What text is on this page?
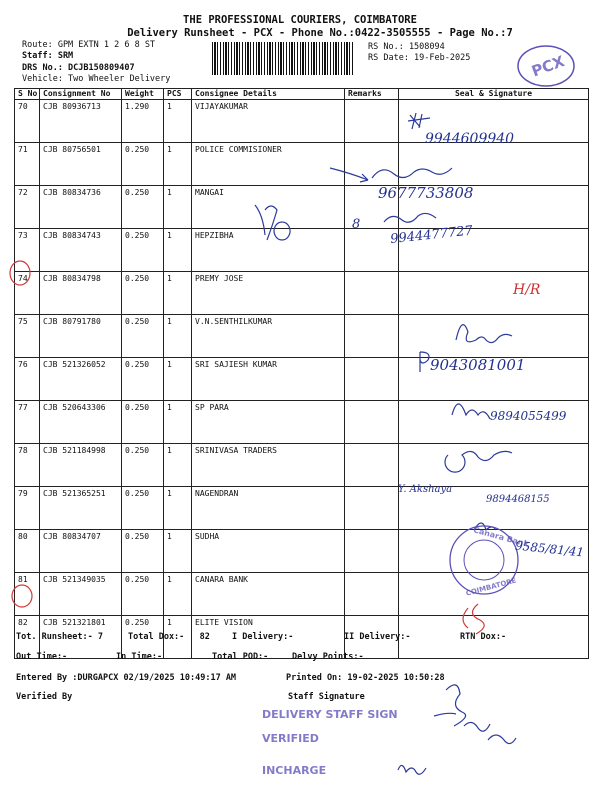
THE PROFESSIONAL COURIERS, COIMBATORE
Delivery Runsheet - PCX - Phone No.:0422-3505555 - Page No.:7
Route: GPM EXTN 1 2 6 8 ST
Staff: SRM
DRS No.: DCJB150809407
Vehicle: Two Wheeler Delivery
RS No.: 1508094
RS Date: 19-Feb-2025
S No	Consignment No	Weight	PCS	Consignee Details	Remarks	Seal & Signature
70	CJB 80936713	1.290	1	VIJAYAKUMAR		
71	CJB 80756501	0.250	1	POLICE COMMISIONER		
72	CJB 80834736	0.250	1	MANGAI		
73	CJB 80834743	0.250	1	HEPZIBHA		
74	CJB 80834798	0.250	1	PREMY JOSE		
75	CJB 80791780	0.250	1	V.N.SENTHILKUMAR		
76	CJB 521326052	0.250	1	SRI SAJIESH KUMAR		
77	CJB 520643306	0.250	1	SP PARA		
78	CJB 521184998	0.250	1	SRINIVASA TRADERS		
79	CJB 521365251	0.250	1	NAGENDRAN		
80	CJB 80834707	0.250	1	SUDHA		
81	CJB 521349035	0.250	1	CANARA BANK		
82	CJB 521321801	0.250	1	ELITE VISION		
PCX
9944609940
9677733808
8 9944477727
H/R
9043081001
9894055499
Y. Akshaya
9894468155
Canara Bank
COIMBATORE
9585/81/41
DELIVERY STAFF SIGN
VERIFIED
INCHARGE
Tot. Runsheet:- 7	Total Dox:-   82	I Delivery:-	II Delivery:-	RTN Dox:-
Out Time:-	In Time:-	Total POD:-	Delvy Points:-
Entered By :DURGAPCX 02/19/2025 10:49:17 AM	Printed On: 19-02-2025 10:50:28
Verified By	Staff Signature
